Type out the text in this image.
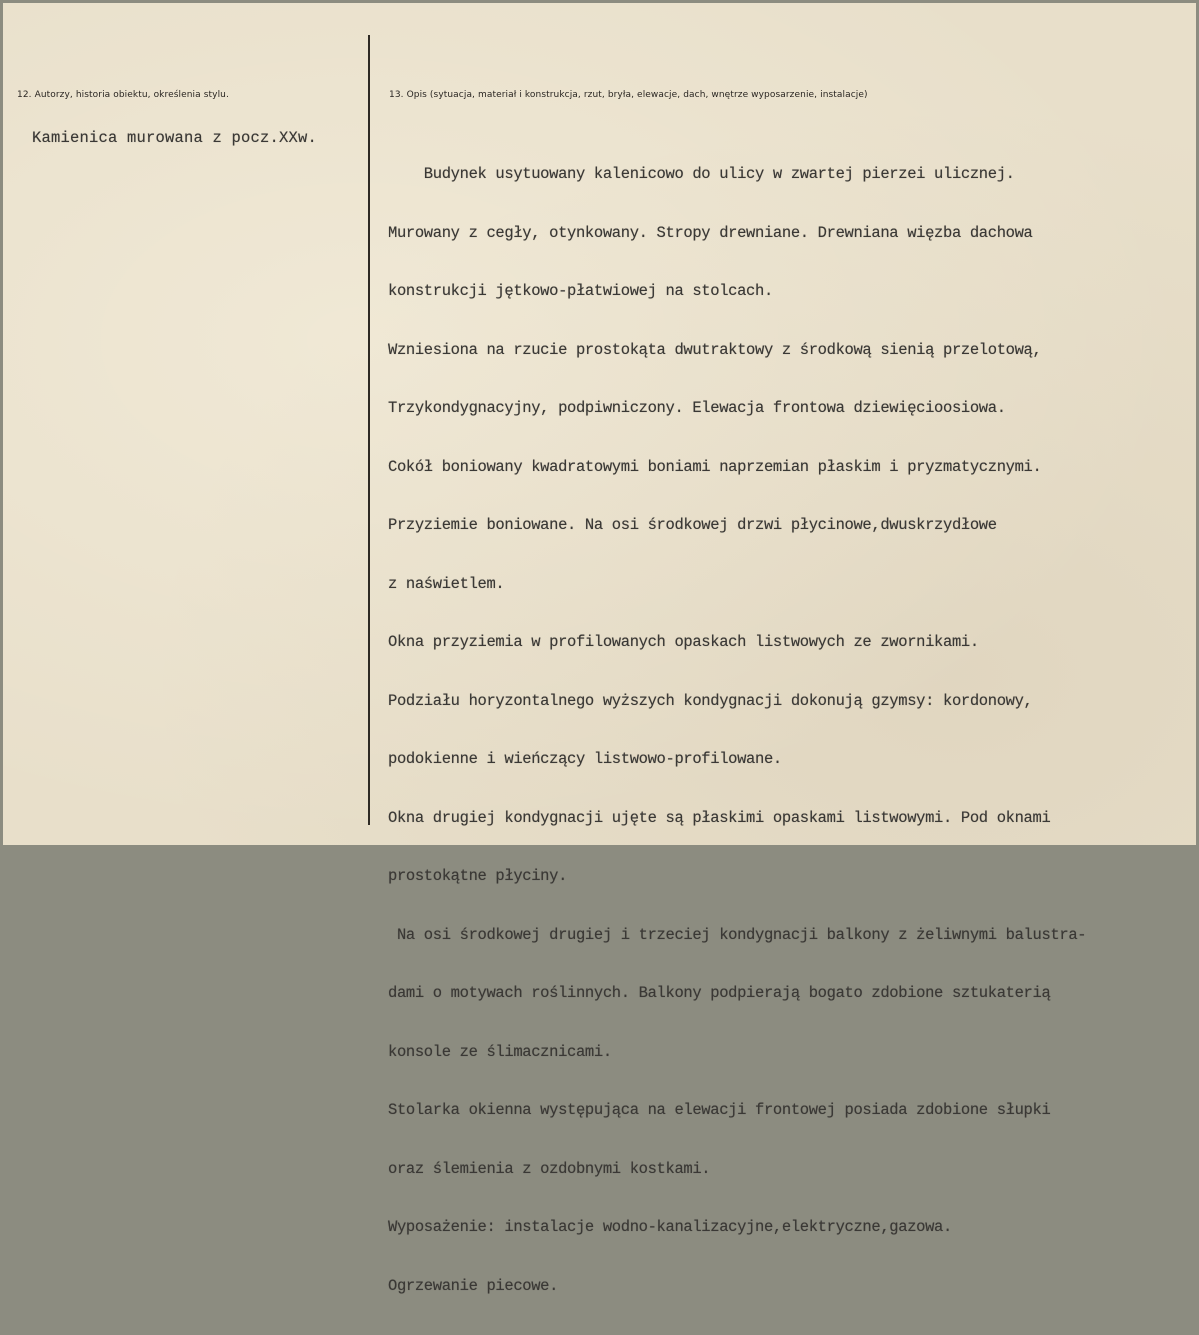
12. Autorzy, historia obiektu, określenia stylu.
Kamienica murowana z pocz.XXw.
13. Opis (sytuacja, materiał i konstrukcja, rzut, bryła, elewacje, dach, wnętrze wyposarzenie, instalacje)

Budynek usytuowany kalenicowo do ulicy w zwartej pierzei ulicznej.

Murowany z cegły, otynkowany. Stropy drewniane. Drewniana więzba dachowa

konstrukcji jętkowo-płatwiowej na stolcach.

Wzniesiona na rzucie prostokąta dwutraktowy z środkową sienią przelotową,

Trzykondygnacyjny, podpiwniczony. Elewacja frontowa dziewięcioosiowa.

Cokół boniowany kwadratowymi boniami naprzemian płaskim i pryzmatycznymi.

Przyziemie boniowane. Na osi środkowej drzwi płycinowe,dwuskrzydłowe

z naświetlem.

Okna przyziemia w profilowanych opaskach listwowych ze zwornikami.

Podziału horyzontalnego wyższych kondygnacji dokonują gzymsy: kordonowy,

podokienne i wieńczący listwowo-profilowane.

Okna drugiej kondygnacji ujęte są płaskimi opaskami listwowymi. Pod oknami

prostokątne płyciny.

Na osi środkowej drugiej i trzeciej kondygnacji balkony z żeliwnymi balustra-

dami o motywach roślinnych. Balkony podpierają bogato zdobione sztukaterią

konsole ze ślimacznicami.

Stolarka okienna występująca na elewacji frontowej posiada zdobione słupki

oraz ślemienia z ozdobnymi kostkami.

Wyposażenie: instalacje wodno-kanalizacyjne,elektryczne,gazowa.

Ogrzewanie piecowe.
